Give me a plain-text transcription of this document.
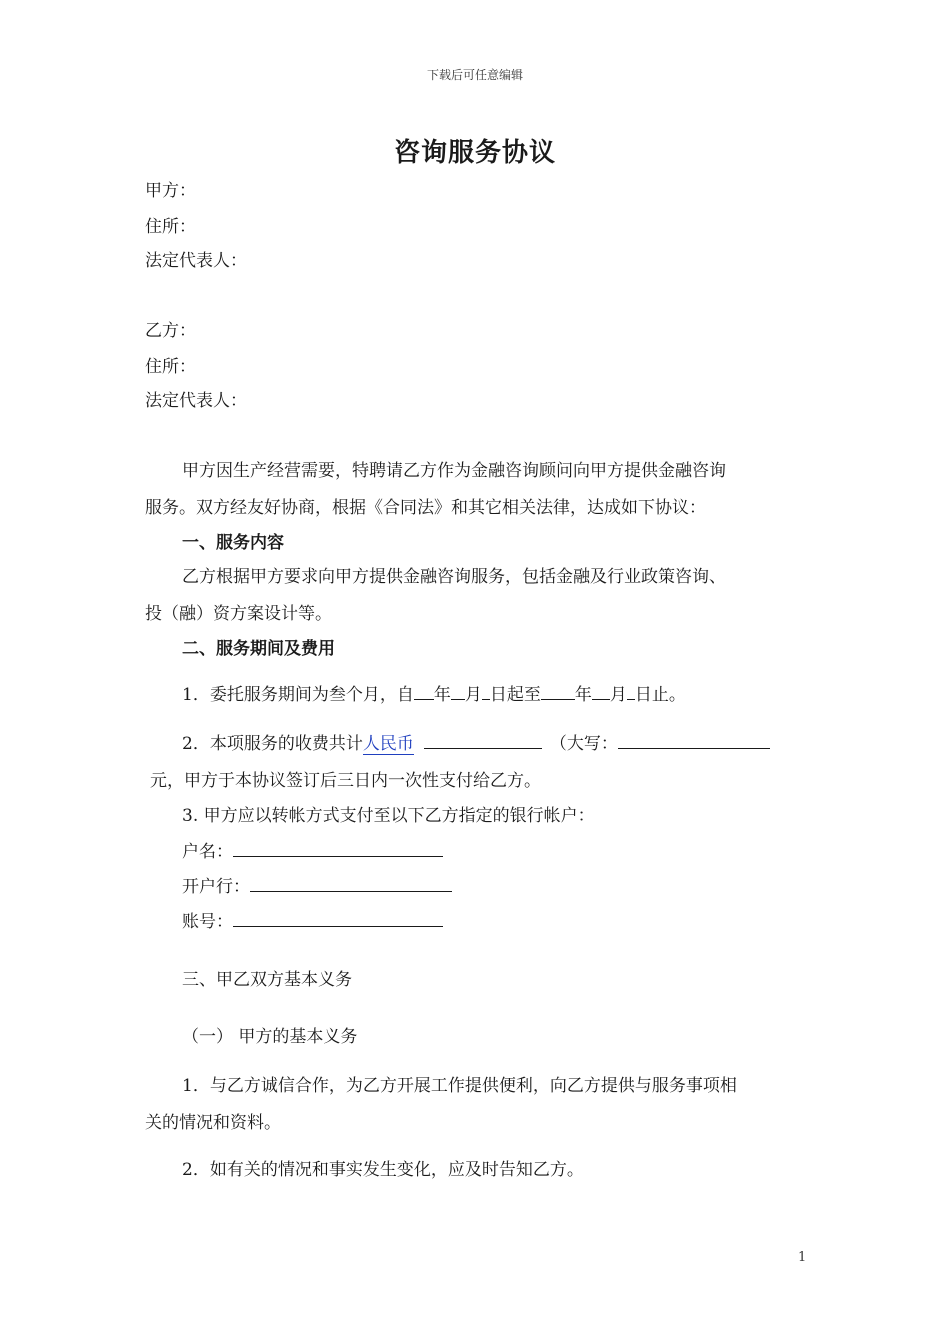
下载后可任意编辑
咨询服务协议
甲方：
住所：
法定代表人：
乙方：
住所：
法定代表人：
甲方因生产经营需要，特聘请乙方作为金融咨询顾问向甲方提供金融咨询
服务。双方经友好协商，根据《合同法》和其它相关法律，达成如下协议：
一、服务内容
乙方根据甲方要求向甲方提供金融咨询服务，包括金融及行业政策咨询、
投（融）资方案设计等。
二、服务期间及费用
1．委托服务期间为叁个月，自 年 月 日起至 年 月 日止。
2．本项服务的收费共计人民币	（大写：
元，甲方于本协议签订后三日内一次性支付给乙方。
3. 甲方应以转帐方式支付至以下乙方指定的银行帐户：
户名：
开户行：
账号：
三、甲乙双方基本义务
（一） 甲方的基本义务
1．与乙方诚信合作，为乙方开展工作提供便利，向乙方提供与服务事项相
关的情况和资料。
2．如有关的情况和事实发生变化，应及时告知乙方。
1
